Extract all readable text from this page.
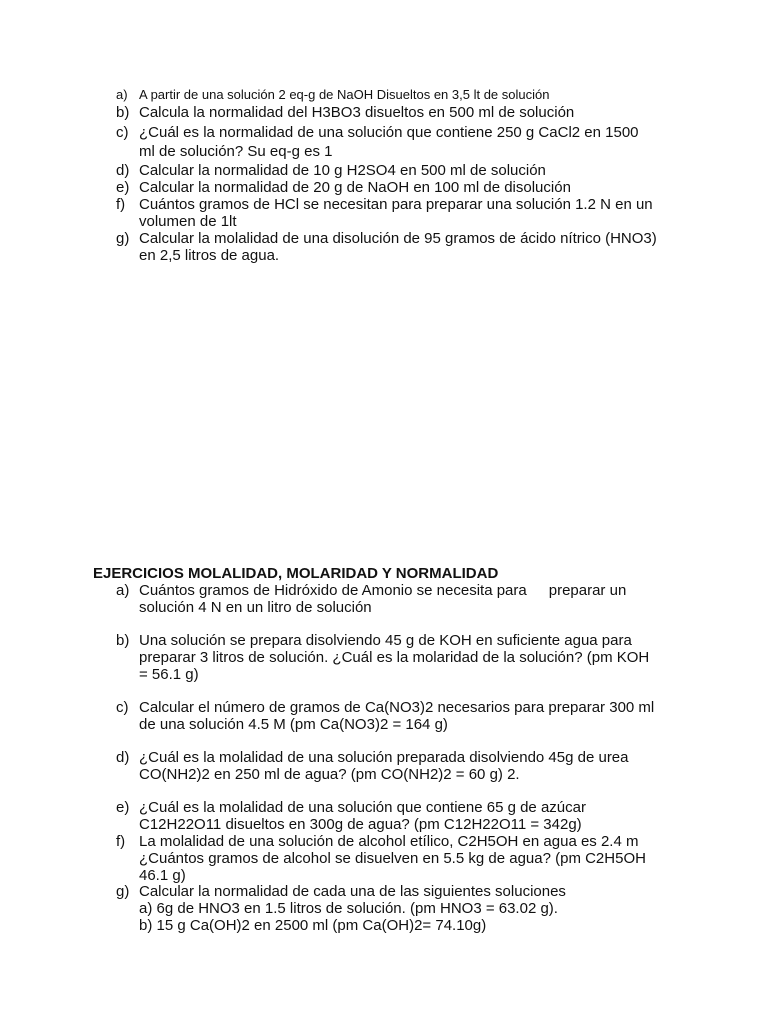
a) A partir de una solución 2 eq-g de NaOH Disueltos en 3,5 lt de solución
b) Calcula la normalidad del H3BO3 disueltos en 500 ml de solución
c) ¿Cuál es la normalidad de una solución que contiene 250 g CaCl2 en 1500
ml de solución? Su eq-g es 1
d) Calcular la normalidad de 10 g H2SO4 en 500 ml de solución
e) Calcular la normalidad de 20 g de NaOH en 100 ml de disolución
f) Cuántos gramos de HCl se necesitan para preparar una solución 1.2 N en un
volumen de 1lt
g) Calcular la molalidad de una disolución de 95 gramos de ácido nítrico (HNO3)
en 2,5 litros de agua.
EJERCICIOS MOLALIDAD, MOLARIDAD Y NORMALIDAD
a) Cuántos gramos de Hidróxido de Amonio se necesita para preparar un
solución 4 N en un litro de solución
b) Una solución se prepara disolviendo 45 g de KOH en suficiente agua para
preparar 3 litros de solución. ¿Cuál es la molaridad de la solución? (pm KOH
= 56.1 g)
c) Calcular el número de gramos de Ca(NO3)2 necesarios para preparar 300 ml
de una solución 4.5 M (pm Ca(NO3)2 = 164 g)
d) ¿Cuál es la molalidad de una solución preparada disolviendo 45g de urea
CO(NH2)2 en 250 ml de agua? (pm CO(NH2)2 = 60 g) 2.
e) ¿Cuál es la molalidad de una solución que contiene 65 g de azúcar
C12H22O11 disueltos en 300g de agua? (pm C12H22O11 = 342g)
f) La molalidad de una solución de alcohol etílico, C2H5OH en agua es 2.4 m
¿Cuántos gramos de alcohol se disuelven en 5.5 kg de agua? (pm C2H5OH
46.1 g)
g) Calcular la normalidad de cada una de las siguientes soluciones
a) 6g de HNO3 en 1.5 litros de solución. (pm HNO3 = 63.02 g).
b) 15 g Ca(OH)2 en 2500 ml (pm Ca(OH)2= 74.10g)
